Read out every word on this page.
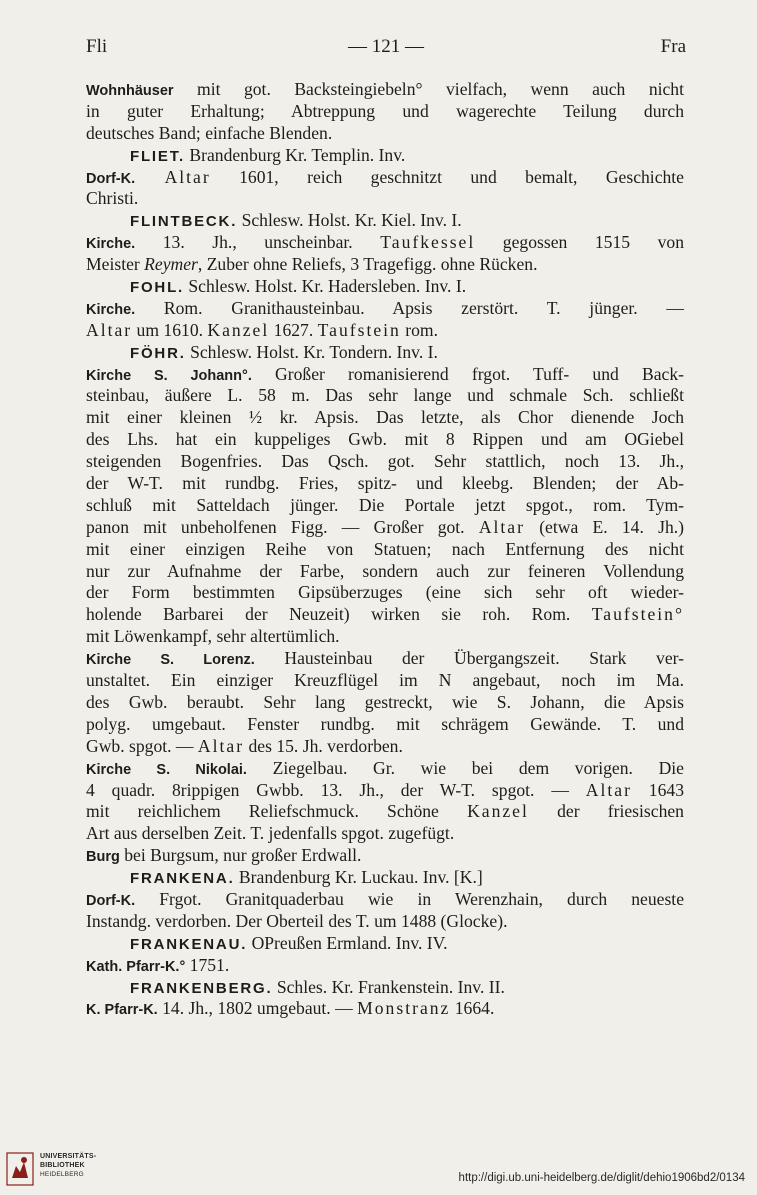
Fli	— 121 —	Fra
Wohnhäuser mit got. Backsteingiebeln° vielfach, wenn auch nicht
in guter Erhaltung; Abtreppung und wagerechte Teilung durch
deutsches Band; einfache Blenden.
FLIET. Brandenburg Kr. Templin. Inv.
Dorf-K. Altar 1601, reich geschnitzt und bemalt, Geschichte
Christi.
FLINTBECK. Schlesw. Holst. Kr. Kiel. Inv. I.
Kirche. 13. Jh., unscheinbar. Taufkessel gegossen 1515 von
Meister Reymer, Zuber ohne Reliefs, 3 Tragefigg. ohne Rücken.
FOHL. Schlesw. Holst. Kr. Hadersleben. Inv. I.
Kirche. Rom. Granithausteinbau. Apsis zerstört. T. jünger. —
Altar um 1610. Kanzel 1627. Taufstein rom.
FÖHR. Schlesw. Holst. Kr. Tondern. Inv. I.
Kirche S. Johann°. Großer romanisierend frgot. Tuff- und Back-
steinbau, äußere L. 58 m. Das sehr lange und schmale Sch. schließt
mit einer kleinen ½ kr. Apsis. Das letzte, als Chor dienende Joch
des Lhs. hat ein kuppeliges Gwb. mit 8 Rippen und am OGiebel
steigenden Bogenfries. Das Qsch. got. Sehr stattlich, noch 13. Jh.,
der W-T. mit rundbg. Fries, spitz- und kleebg. Blenden; der Ab-
schluß mit Satteldach jünger. Die Portale jetzt spgot., rom. Tym-
panon mit unbeholfenen Figg. — Großer got. Altar (etwa E. 14. Jh.)
mit einer einzigen Reihe von Statuen; nach Entfernung des nicht
nur zur Aufnahme der Farbe, sondern auch zur feineren Vollendung
der Form bestimmten Gipsüberzuges (eine sich sehr oft wieder-
holende Barbarei der Neuzeit) wirken sie roh. Rom. Taufstein°
mit Löwenkampf, sehr altertümlich.
Kirche S. Lorenz. Hausteinbau der Übergangszeit. Stark ver-
unstaltet. Ein einziger Kreuzflügel im N angebaut, noch im Ma.
des Gwb. beraubt. Sehr lang gestreckt, wie S. Johann, die Apsis
polyg. umgebaut. Fenster rundbg. mit schrägem Gewände. T. und
Gwb. spgot. — Altar des 15. Jh. verdorben.
Kirche S. Nikolai. Ziegelbau. Gr. wie bei dem vorigen. Die
4 quadr. 8rippigen Gwbb. 13. Jh., der W-T. spgot. — Altar 1643
mit reichlichem Reliefschmuck. Schöne Kanzel der friesischen
Art aus derselben Zeit. T. jedenfalls spgot. zugefügt.
Burg bei Burgsum, nur großer Erdwall.
FRANKENA. Brandenburg Kr. Luckau. Inv. [K.]
Dorf-K. Frgot. Granitquaderbau wie in Werenzhain, durch neueste
Instandg. verdorben. Der Oberteil des T. um 1488 (Glocke).
FRANKENAU. OPreußen Ermland. Inv. IV.
Kath. Pfarr-K.° 1751.
FRANKENBERG. Schles. Kr. Frankenstein. Inv. II.
K. Pfarr-K. 14. Jh., 1802 umgebaut. — Monstranz 1664.
UNIVERSITÄTS-
BIBLIOTHEK
HEIDELBERG	http://digi.ub.uni-heidelberg.de/diglit/dehio1906bd2/0134
